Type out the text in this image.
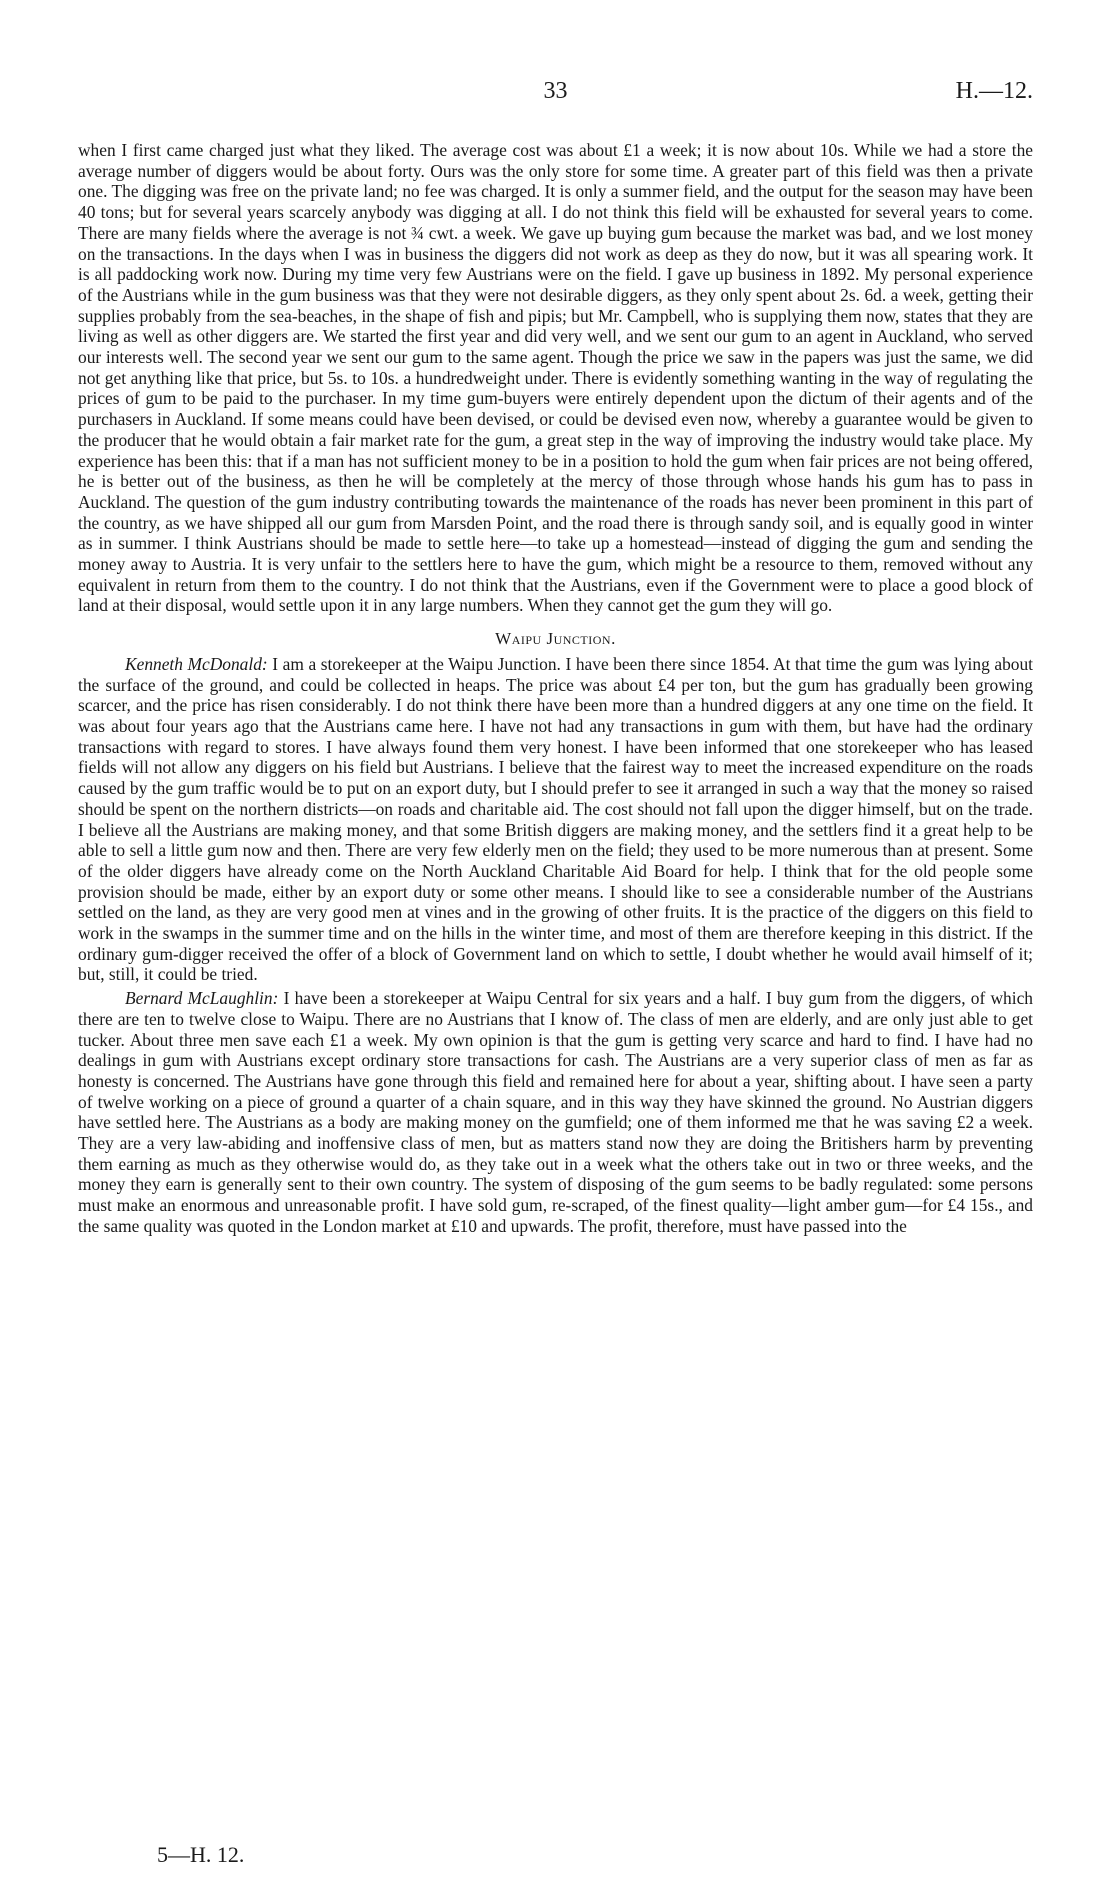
33	H.—12.

when I first came charged just what they liked. The average cost was about £1 a week; it is now about 10s. While we had a store the average number of diggers would be about forty. Ours was the only store for some time. A greater part of this field was then a private one. The digging was free on the private land; no fee was charged. It is only a summer field, and the output for the season may have been 40 tons; but for several years scarcely anybody was digging at all. I do not think this field will be exhausted for several years to come. There are many fields where the average is not ¾ cwt. a week. We gave up buying gum because the market was bad, and we lost money on the transactions. In the days when I was in business the diggers did not work as deep as they do now, but it was all spearing work. It is all paddocking work now. During my time very few Austrians were on the field. I gave up business in 1892. My personal experience of the Austrians while in the gum business was that they were not desirable diggers, as they only spent about 2s. 6d. a week, getting their supplies probably from the sea-beaches, in the shape of fish and pipis; but Mr. Campbell, who is supplying them now, states that they are living as well as other diggers are. We started the first year and did very well, and we sent our gum to an agent in Auckland, who served our interests well. The second year we sent our gum to the same agent. Though the price we saw in the papers was just the same, we did not get anything like that price, but 5s. to 10s. a hundredweight under. There is evidently something wanting in the way of regulating the prices of gum to be paid to the purchaser. In my time gum-buyers were entirely dependent upon the dictum of their agents and of the purchasers in Auckland. If some means could have been devised, or could be devised even now, whereby a guarantee would be given to the producer that he would obtain a fair market rate for the gum, a great step in the way of improving the industry would take place. My experience has been this: that if a man has not sufficient money to be in a position to hold the gum when fair prices are not being offered, he is better out of the business, as then he will be completely at the mercy of those through whose hands his gum has to pass in Auckland. The question of the gum industry contributing towards the maintenance of the roads has never been prominent in this part of the country, as we have shipped all our gum from Marsden Point, and the road there is through sandy soil, and is equally good in winter as in summer. I think Austrians should be made to settle here—to take up a homestead—instead of digging the gum and sending the money away to Austria. It is very unfair to the settlers here to have the gum, which might be a resource to them, removed without any equivalent in return from them to the country. I do not think that the Austrians, even if the Government were to place a good block of land at their disposal, would settle upon it in any large numbers. When they cannot get the gum they will go.

Waipu Junction.

Kenneth McDonald: I am a storekeeper at the Waipu Junction. I have been there since 1854. At that time the gum was lying about the surface of the ground, and could be collected in heaps. The price was about £4 per ton, but the gum has gradually been growing scarcer, and the price has risen considerably. I do not think there have been more than a hundred diggers at any one time on the field. It was about four years ago that the Austrians came here. I have not had any transactions in gum with them, but have had the ordinary transactions with regard to stores. I have always found them very honest. I have been informed that one storekeeper who has leased fields will not allow any diggers on his field but Austrians. I believe that the fairest way to meet the increased expenditure on the roads caused by the gum traffic would be to put on an export duty, but I should prefer to see it arranged in such a way that the money so raised should be spent on the northern districts—on roads and charitable aid. The cost should not fall upon the digger himself, but on the trade. I believe all the Austrians are making money, and that some British diggers are making money, and the settlers find it a great help to be able to sell a little gum now and then. There are very few elderly men on the field; they used to be more numerous than at present. Some of the older diggers have already come on the North Auckland Charitable Aid Board for help. I think that for the old people some provision should be made, either by an export duty or some other means. I should like to see a considerable number of the Austrians settled on the land, as they are very good men at vines and in the growing of other fruits. It is the practice of the diggers on this field to work in the swamps in the summer time and on the hills in the winter time, and most of them are therefore keeping in this district. If the ordinary gum-digger received the offer of a block of Government land on which to settle, I doubt whether he would avail himself of it; but, still, it could be tried.

Bernard McLaughlin: I have been a storekeeper at Waipu Central for six years and a half. I buy gum from the diggers, of which there are ten to twelve close to Waipu. There are no Austrians that I know of. The class of men are elderly, and are only just able to get tucker. About three men save each £1 a week. My own opinion is that the gum is getting very scarce and hard to find. I have had no dealings in gum with Austrians except ordinary store transactions for cash. The Austrians are a very superior class of men as far as honesty is concerned. The Austrians have gone through this field and remained here for about a year, shifting about. I have seen a party of twelve working on a piece of ground a quarter of a chain square, and in this way they have skinned the ground. No Austrian diggers have settled here. The Austrians as a body are making money on the gumfield; one of them informed me that he was saving £2 a week. They are a very law-abiding and inoffensive class of men, but as matters stand now they are doing the Britishers harm by preventing them earning as much as they otherwise would do, as they take out in a week what the others take out in two or three weeks, and the money they earn is generally sent to their own country. The system of disposing of the gum seems to be badly regulated: some persons must make an enormous and unreasonable profit. I have sold gum, re-scraped, of the finest quality—light amber gum—for £4 15s., and the same quality was quoted in the London market at £10 and upwards. The profit, therefore, must have passed into the

5—H. 12.
